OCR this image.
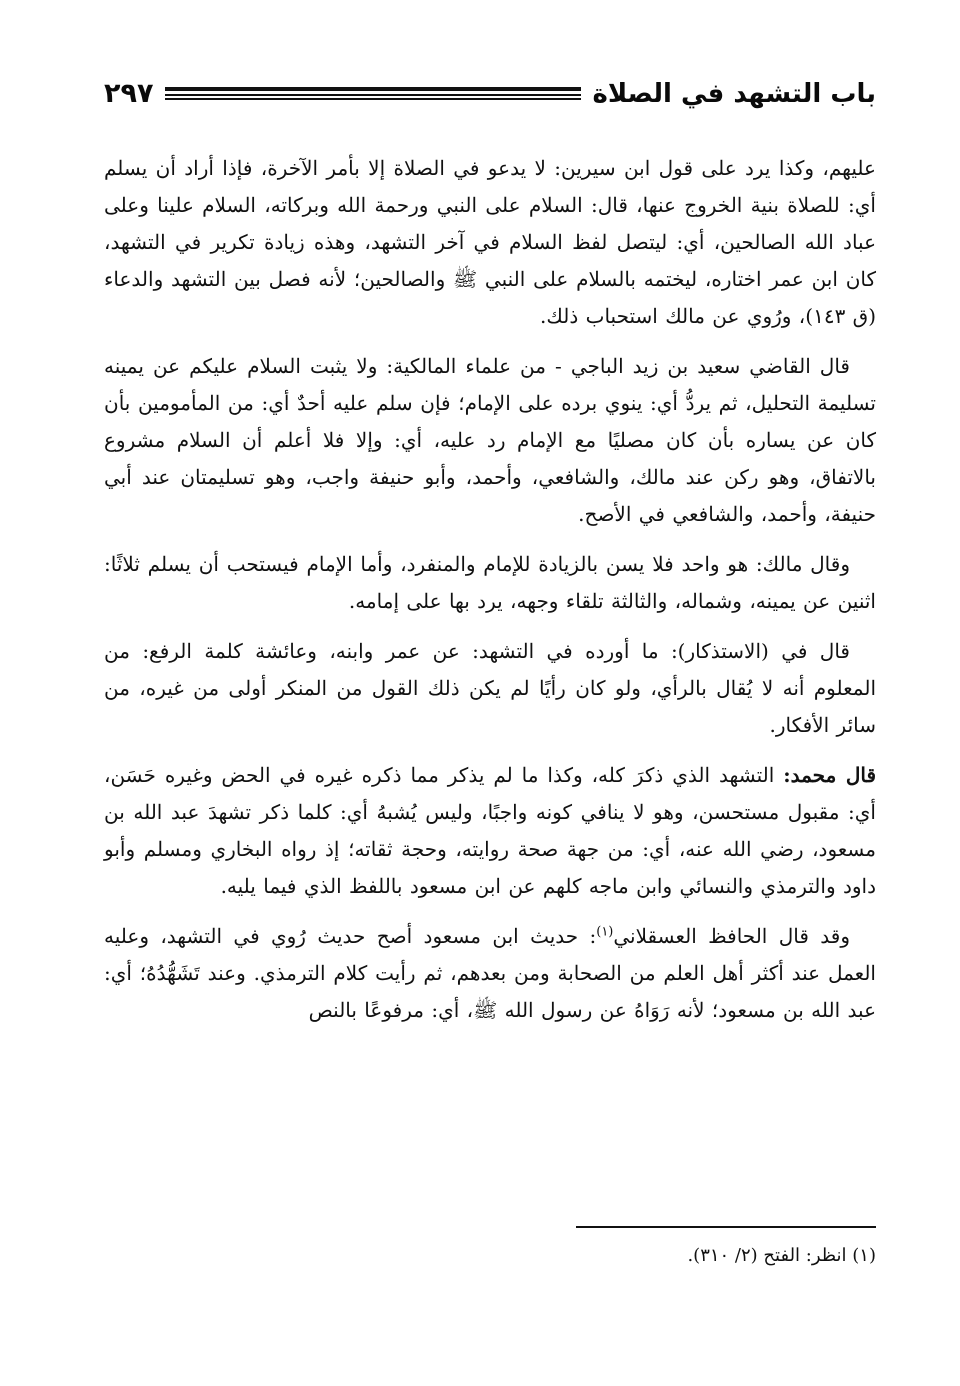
باب التشهد في الصلاة
٢٩٧

عليهم، وكذا يرد على قول ابن سيرين: لا يدعو في الصلاة إلا بأمر الآخرة، فإذا أراد أن يسلم أي: للصلاة بنية الخروج عنها، قال: السلام على النبي ورحمة الله وبركاته، السلام علينا وعلى عباد الله الصالحين، أي: ليتصل لفظ السلام في آخر التشهد، وهذه زيادة تكرير في التشهد، كان ابن عمر اختاره، ليختمه بالسلام على النبي ﷺ والصالحين؛ لأنه فصل بين التشهد والدعاء (ق ١٤٣)، ورُوي عن مالك استحباب ذلك.

قال القاضي سعيد بن زيد الباجي - من علماء المالكية: ولا يثبت السلام عليكم عن يمينه تسليمة التحليل، ثم يردُّ أي: ينوي برده على الإمام؛ فإن سلم عليه أحدٌ أي: من المأمومين بأن كان عن يساره بأن كان مصليًا مع الإمام رد عليه، أي: وإلا فلا أعلم أن السلام مشروع بالاتفاق، وهو ركن عند مالك، والشافعي، وأحمد، وأبو حنيفة واجب، وهو تسليمتان عند أبي حنيفة، وأحمد، والشافعي في الأصح.

وقال مالك: هو واحد فلا يسن بالزيادة للإمام والمنفرد، وأما الإمام فيستحب أن يسلم ثلاثًا: اثنين عن يمينه، وشماله، والثالثة تلقاء وجهه، يرد بها على إمامه.

قال في (الاستذكار): ما أورده في التشهد: عن عمر وابنه، وعائشة كلمة الرفع: من المعلوم أنه لا يُقال بالرأي، ولو كان رأيًا لم يكن ذلك القول من المنكر أولى من غيره، من سائر الأفكار.

قال محمد: التشهد الذي ذكرَ كله، وكذا ما لم يذكر مما ذكره غيره في الحض وغيره حَسَن، أي: مقبول مستحسن، وهو لا ينافي كونه واجبًا، وليس يُشبهُ أي: كلما ذكر تشهدَ عبد الله بن مسعود، رضي الله عنه، أي: من جهة صحة روايته، وحجة ثقاته؛ إذ رواه البخاري ومسلم وأبو داود والترمذي والنسائي وابن ماجه كلهم عن ابن مسعود باللفظ الذي فيما يليه.

وقد قال الحافظ العسقلاني$^{(١)}$: حديث ابن مسعود أصح حديث رُوي في التشهد، وعليه العمل عند أكثر أهل العلم من الصحابة ومن بعدهم، ثم رأيت كلام الترمذي. وعند تَشَهُّدُهُ؛ أي: عبد الله بن مسعود؛ لأنه رَوَاهُ عن رسول الله ﷺ، أي: مرفوعًا بالنص

(١) انظر: الفتح (٢/ ٣١٠).
